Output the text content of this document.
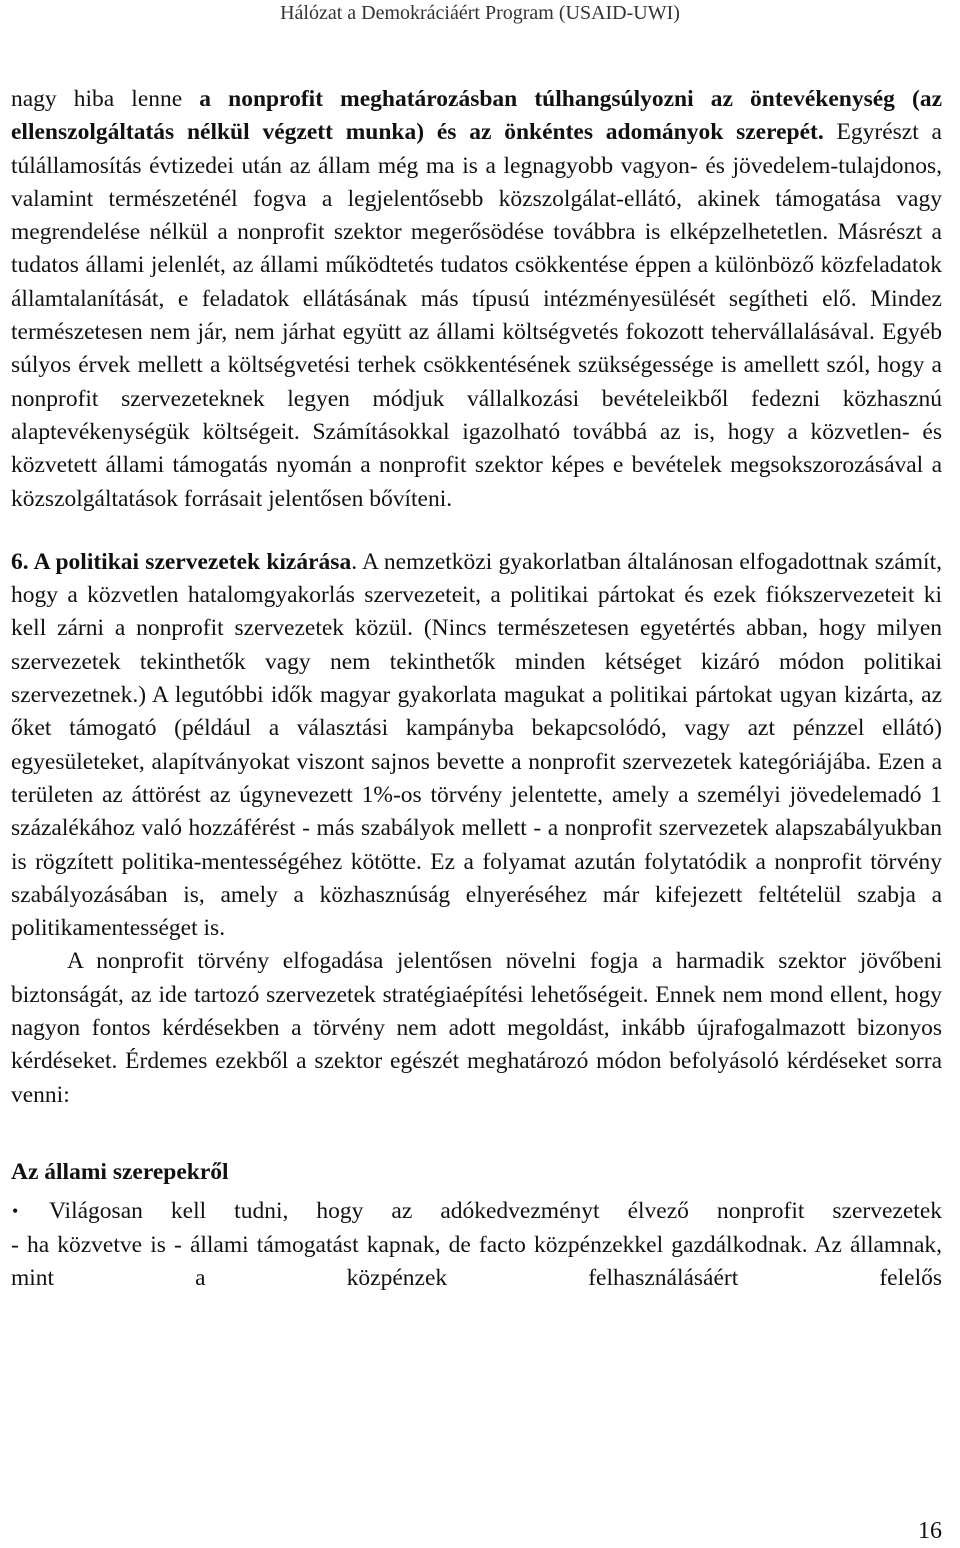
Hálózat a Demokráciáért Program (USAID-UWI)

nagy hiba lenne a nonprofit meghatározásban túlhangsúlyozni az öntevékenység (az ellenszolgáltatás nélkül végzett munka) és az önkéntes adományok szerepét. Egyrészt a túlállamosítás évtizedei után az állam még ma is a legnagyobb vagyon- és jövedelem-tulajdonos, valamint természeténél fogva a legjelentősebb közszolgálat-ellátó, akinek támogatása vagy megrendelése nélkül a nonprofit szektor megerősödése továbbra is elképzelhetetlen. Másrészt a tudatos állami jelenlét, az állami működtetés tudatos csökkentése éppen a különböző közfeladatok államtalanítását, e feladatok ellátásának más típusú intézményesülését segítheti elő. Mindez természetesen nem jár, nem járhat együtt az állami költségvetés fokozott tehervállalásával. Egyéb súlyos érvek mellett a költségvetési terhek csökkentésének szükségessége is amellett szól, hogy a nonprofit szervezeteknek legyen módjuk vállalkozási bevételeikből fedezni közhasznú alaptevékenységük költségeit. Számításokkal igazolható továbbá az is, hogy a közvetlen- és közvetett állami támogatás nyomán a nonprofit szektor képes e bevételek megsokszorozásával a közszolgáltatások forrásait jelentősen bővíteni.

6. A politikai szervezetek kizárása. A nemzetközi gyakorlatban általánosan elfogadottnak számít, hogy a közvetlen hatalomgyakorlás szervezeteit, a politikai pártokat és ezek fiókszervezeteit ki kell zárni a nonprofit szervezetek közül. (Nincs természetesen egyetértés abban, hogy milyen szervezetek tekinthetők vagy nem tekinthetők minden kétséget kizáró módon politikai szervezetnek.) A legutóbbi idők magyar gyakorlata magukat a politikai pártokat ugyan kizárta, az őket támogató (például a választási kampányba bekapcsolódó, vagy azt pénzzel ellátó) egyesületeket, alapítványokat viszont sajnos bevette a nonprofit szervezetek kategóriájába. Ezen a területen az áttörést az úgynevezett 1%-os törvény jelentette, amely a személyi jövedelemadó 1 százalékához való hozzáférést - más szabályok mellett - a nonprofit szervezetek alapszabályukban is rögzített politika-mentességéhez kötötte. Ez a folyamat azután folytatódik a nonprofit törvény szabályozásában is, amely a közhasznúság elnyeréséhez már kifejezett feltételül szabja a politikamentességet is.

A nonprofit törvény elfogadása jelentősen növelni fogja a harmadik szektor jövőbeni biztonságát, az ide tartozó szervezetek stratégiaépítési lehetőségeit. Ennek nem mond ellent, hogy nagyon fontos kérdésekben a törvény nem adott megoldást, inkább újrafogalmazott bizonyos kérdéseket. Érdemes ezekből a szektor egészét meghatározó módon befolyásoló kérdéseket sorra venni:

Az állami szerepekről
•	Világosan kell tudni, hogy az adókedvezményt élvező nonprofit szervezetek

- ha közvetve is - állami támogatást kapnak, de facto közpénzekkel gazdálkodnak. Az államnak, mint a közpénzek felhasználásáért felelős

16
